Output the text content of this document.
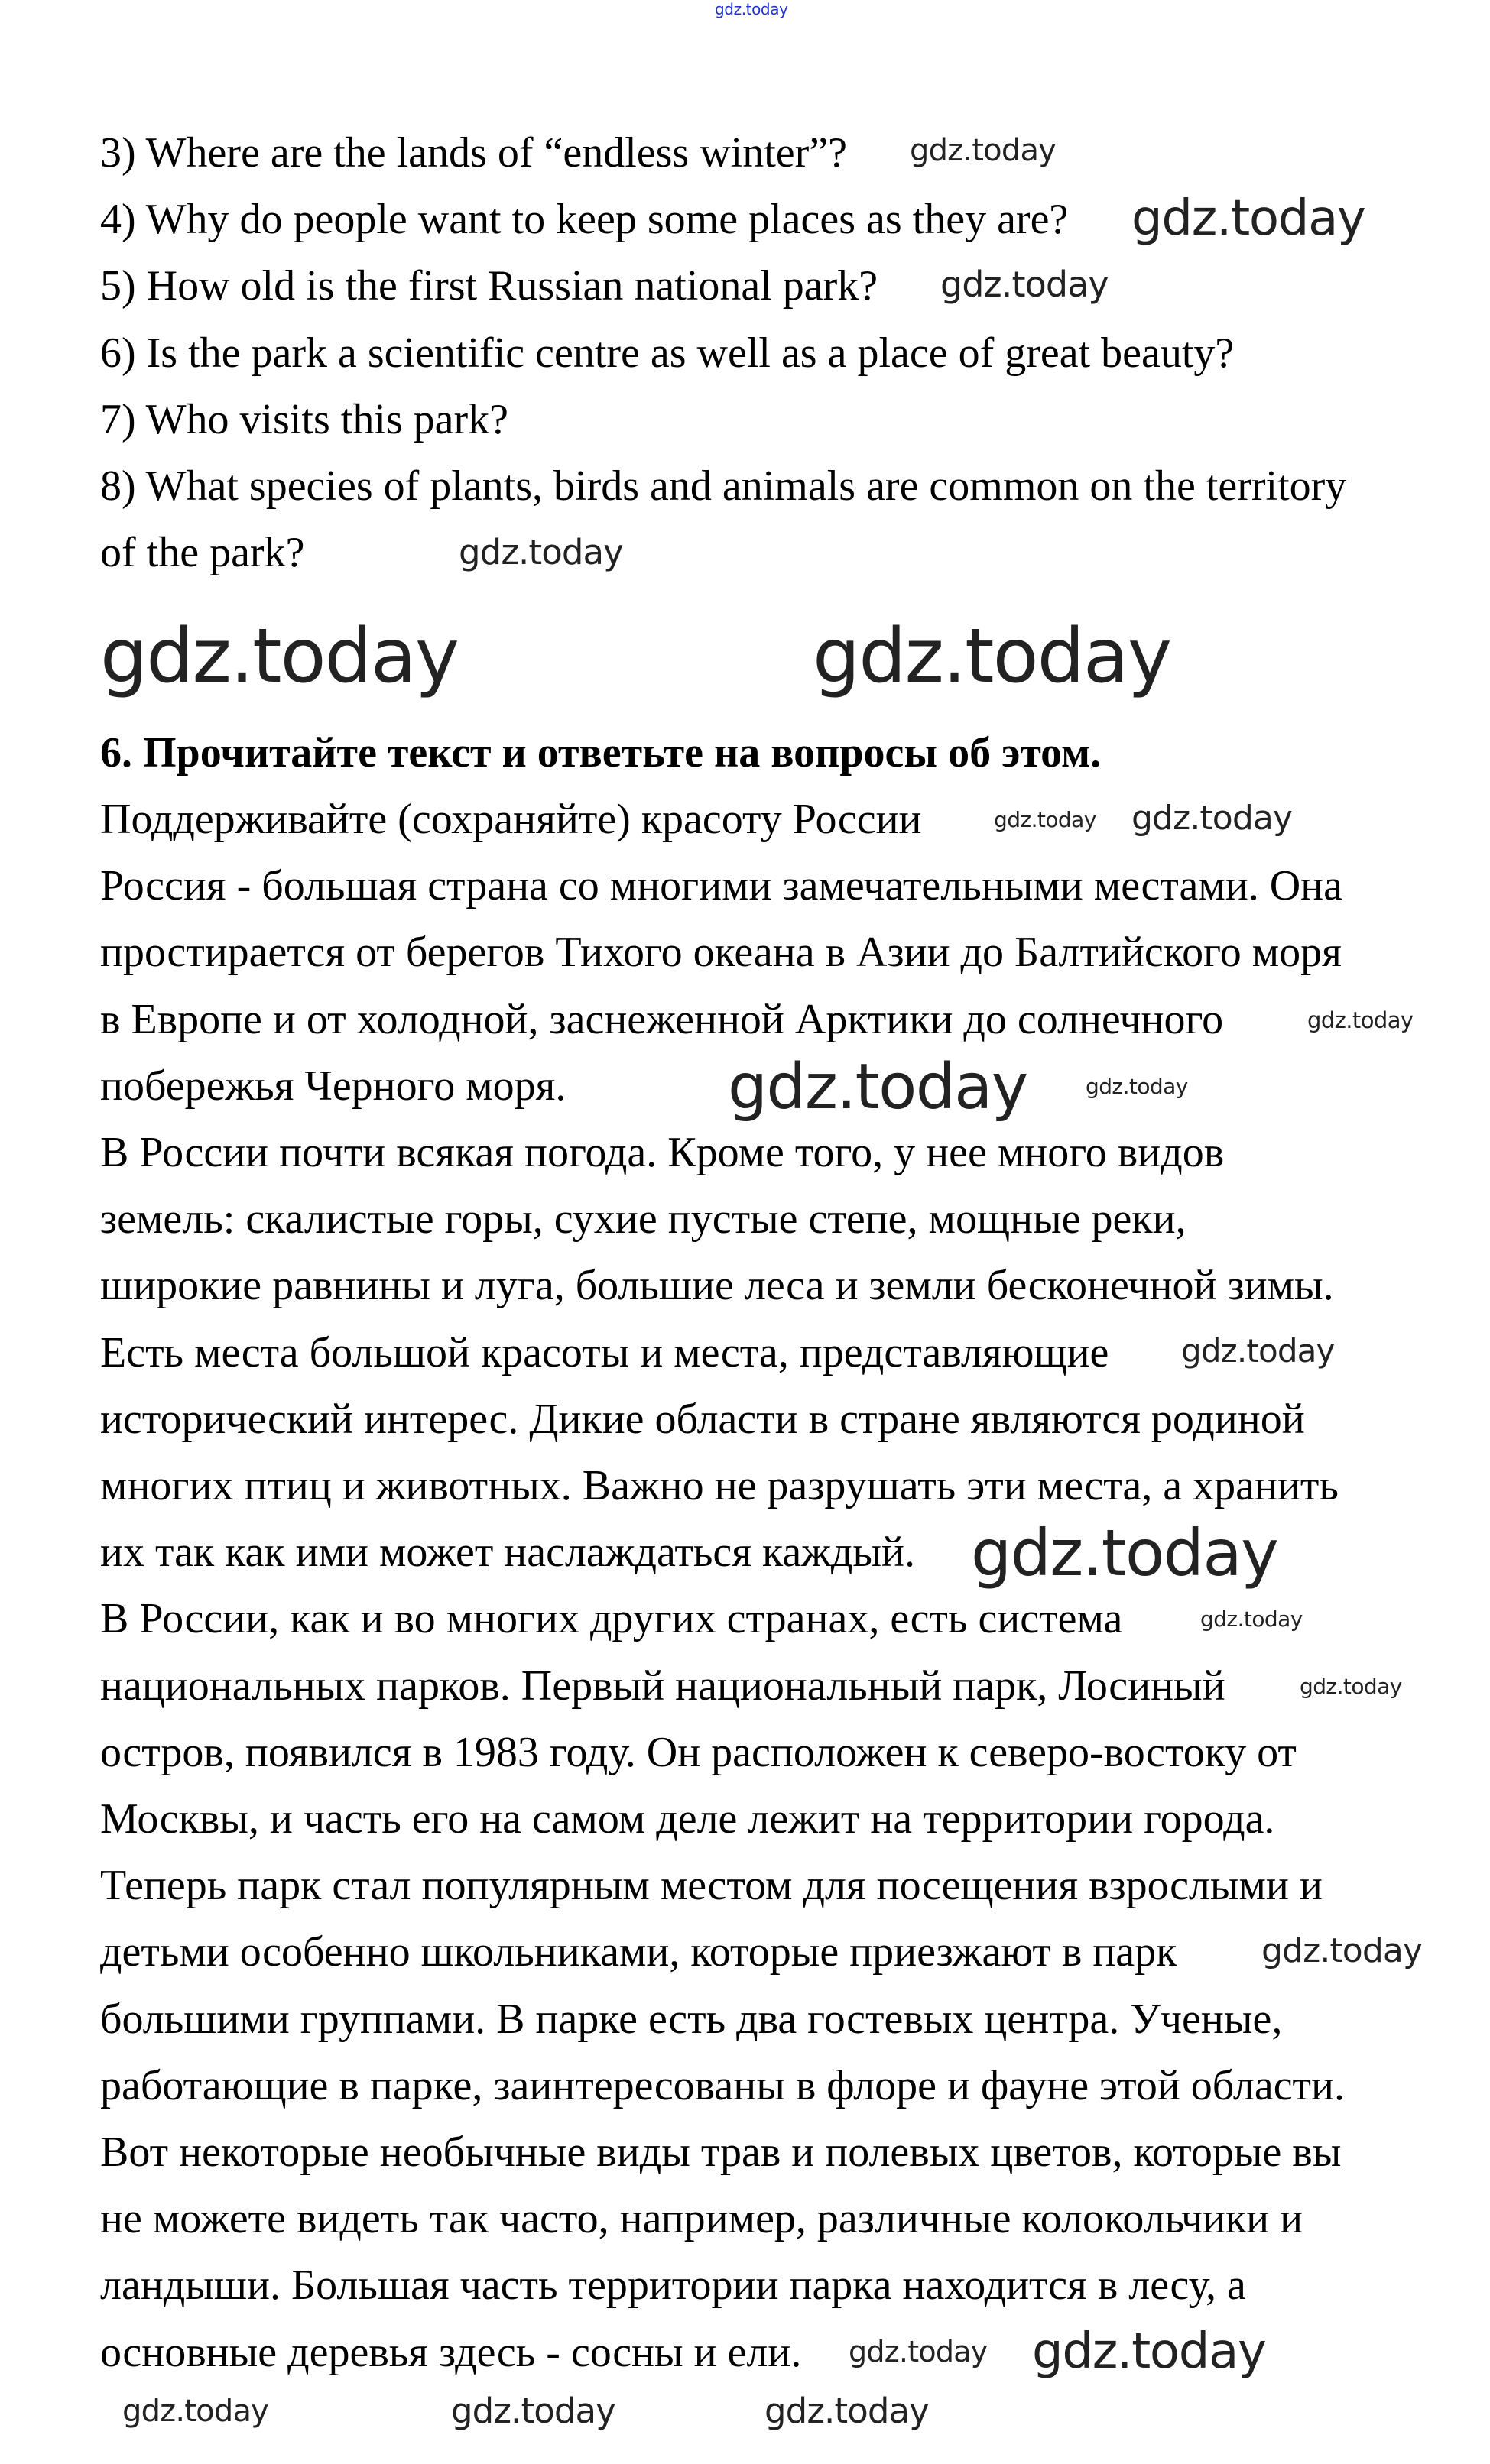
gdz.today
3) Where are the lands of “endless winter”?
4) Why do people want to keep some places as they are?
5) How old is the first Russian national park?
6) Is the park a scientific centre as well as a place of great beauty?
7) Who visits this park?
8) What species of plants, birds and animals are common on the territory
of the park?
6. Прочитайте текст и ответьте на вопросы об этом.
Поддерживайте (сохраняйте) красоту России
Россия - большая страна со многими замечательными местами. Она
простирается от берегов Тихого океана в Азии до Балтийского моря
в Европе и от холодной, заснеженной Арктики до солнечного
побережья Черного моря.
В России почти всякая погода. Кроме того, у нее много видов
земель: скалистые горы, сухие пустые степе, мощные реки,
широкие равнины и луга, большие леса и земли бесконечной зимы.
Есть места большой красоты и места, представляющие
исторический интерес. Дикие области в стране являются родиной
многих птиц и животных. Важно не разрушать эти места, а хранить
их так как ими может наслаждаться каждый.
В России, как и во многих других странах, есть система
национальных парков. Первый национальный парк, Лосиный
остров, появился в 1983 году. Он расположен к северо-востоку от
Москвы, и часть его на самом деле лежит на территории города.
Теперь парк стал популярным местом для посещения взрослыми и
детьми особенно школьниками, которые приезжают в парк
большими группами. В парке есть два гостевых центра. Ученые,
работающие в парке, заинтересованы в флоре и фауне этой области.
Вот некоторые необычные виды трав и полевых цветов, которые вы
не можете видеть так часто, например, различные колокольчики и
ландыши. Большая часть территории парка находится в лесу, а
основные деревья здесь - сосны и ели.
gdz.today
gdz.today
gdz.today
gdz.today
gdz.today	gdz.today
gdz.today gdz.today
gdz.today
gdz.today	gdz.today
gdz.today
gdz.today
gdz.today
gdz.today
gdz.today
gdz.today gdz.today
gdz.today	gdz.today	gdz.today
